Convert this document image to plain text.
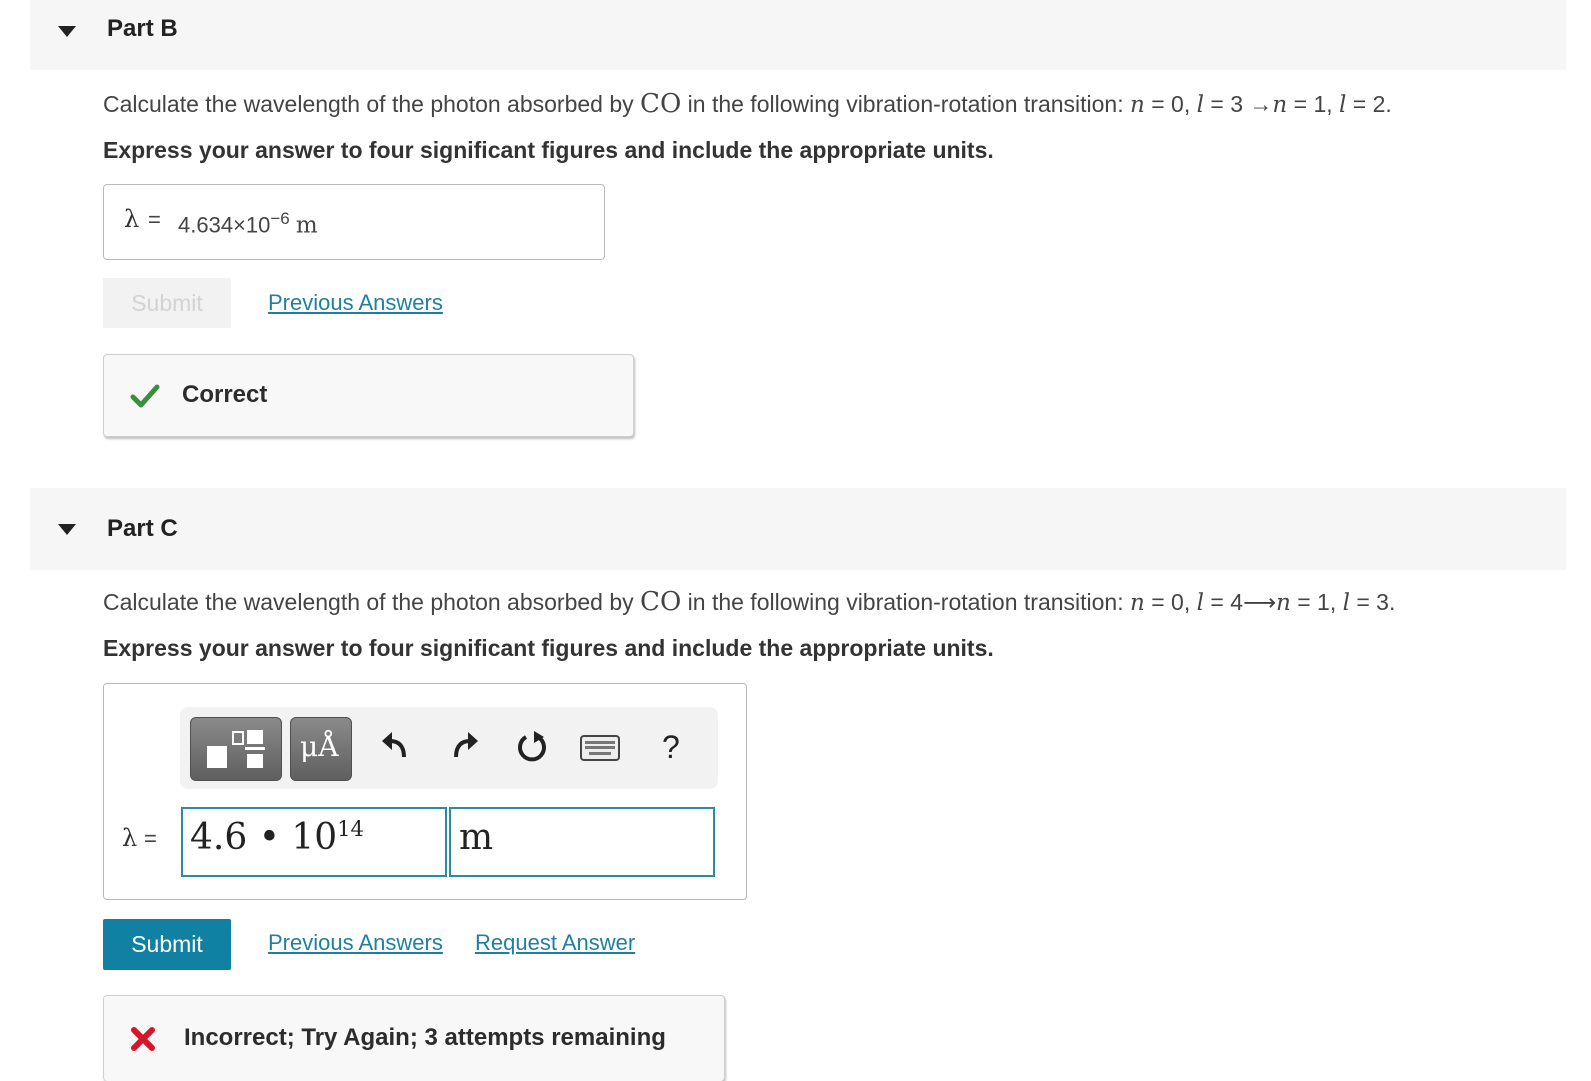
Part B
Calculate the wavelength of the photon absorbed by CO in the following vibration-rotation transition: n = 0, l = 3 →n = 1, l = 2.
Express your answer to four significant figures and include the appropriate units.
$\lambda = 4.634\times 10^{-6}$ m
Submit	Previous Answers
Correct
Part C
Calculate the wavelength of the photon absorbed by CO in the following vibration-rotation transition: n = 0, l = 4⟶n = 1, l = 3.
Express your answer to four significant figures and include the appropriate units.
μÅ	?
λ = 4.6 • $10^{14}$	m
Submit	Previous Answers Request Answer
Incorrect; Try Again; 3 attempts remaining
